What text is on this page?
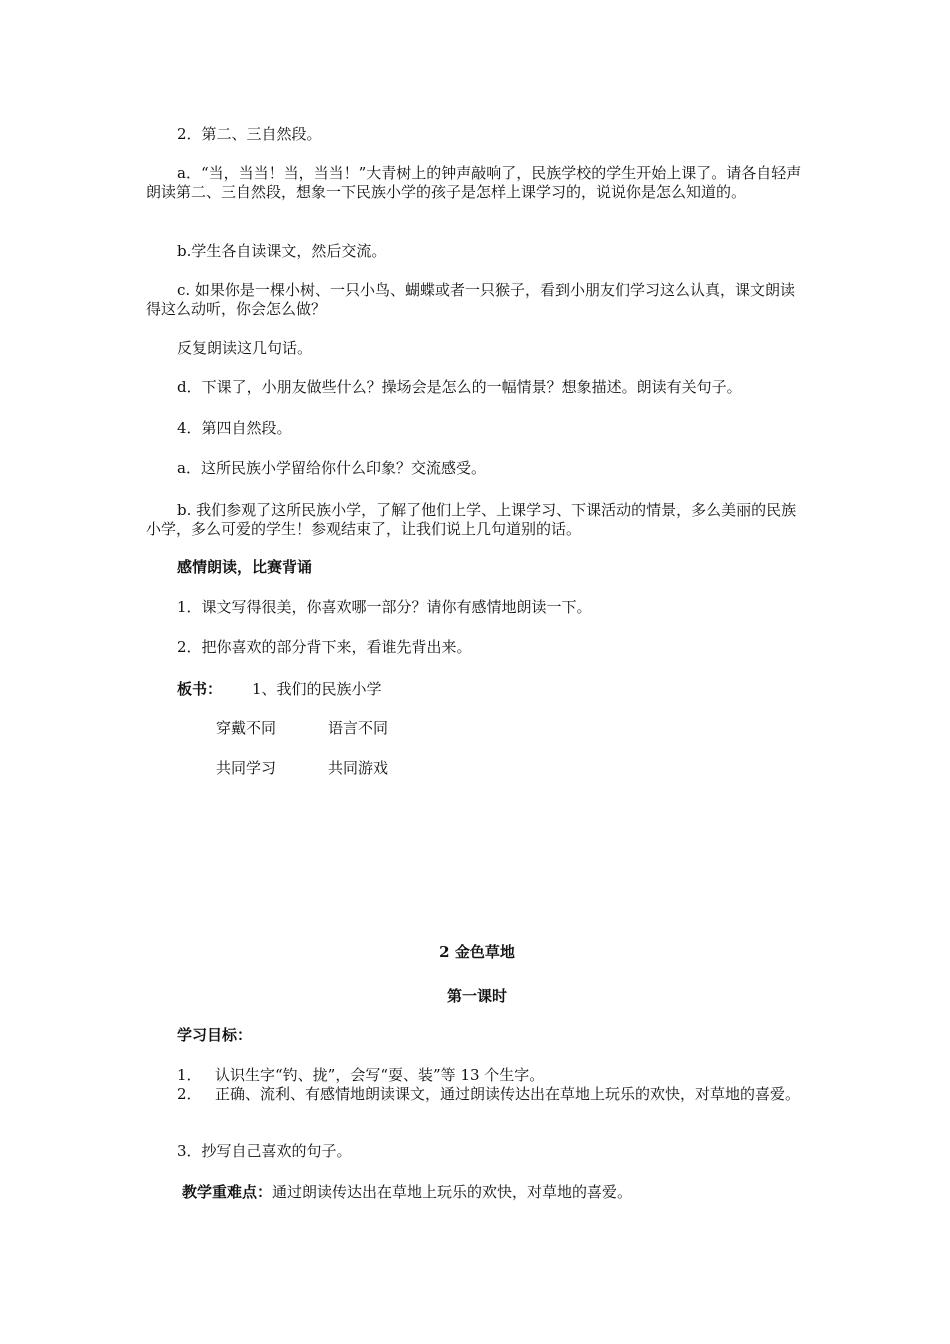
2．第二、三自然段。

a．“当，当当！当，当当！”大青树上的钟声敲响了，民族学校的学生开始上课了。请各自轻声朗读第二、三自然段，想象一下民族小学的孩子是怎样上课学习的，说说你是怎么知道的。

b.学生各自读课文，然后交流。

c. 如果你是一棵小树、一只小鸟、蝴蝶或者一只猴子，看到小朋友们学习这么认真，课文朗读得这么动听，你会怎么做？

反复朗读这几句话。

d．下课了，小朋友做些什么？操场会是怎么的一幅情景？想象描述。朗读有关句子。

4．第四自然段。

a．这所民族小学留给你什么印象？交流感受。

b. 我们参观了这所民族小学，了解了他们上学、上课学习、下课活动的情景，多么美丽的民族小学，多么可爱的学生！参观结束了，让我们说上几句道别的话。

感情朗读，比赛背诵

1．课文写得很美，你喜欢哪一部分？请你有感情地朗读一下。

2．把你喜欢的部分背下来，看谁先背出来。

板书： 1、我们的民族小学

穿戴不同	语言不同
共同学习	共同游戏
2 金色草地
第一课时

学习目标：

1． 认识生字“钓、拢”，会写“耍、装”等 13 个生字。
2． 正确、流利、有感情地朗读课文，通过朗读传达出在草地上玩乐的欢快，对草地的喜爱。

3．抄写自己喜欢的句子。

教学重难点：通过朗读传达出在草地上玩乐的欢快，对草地的喜爱。
